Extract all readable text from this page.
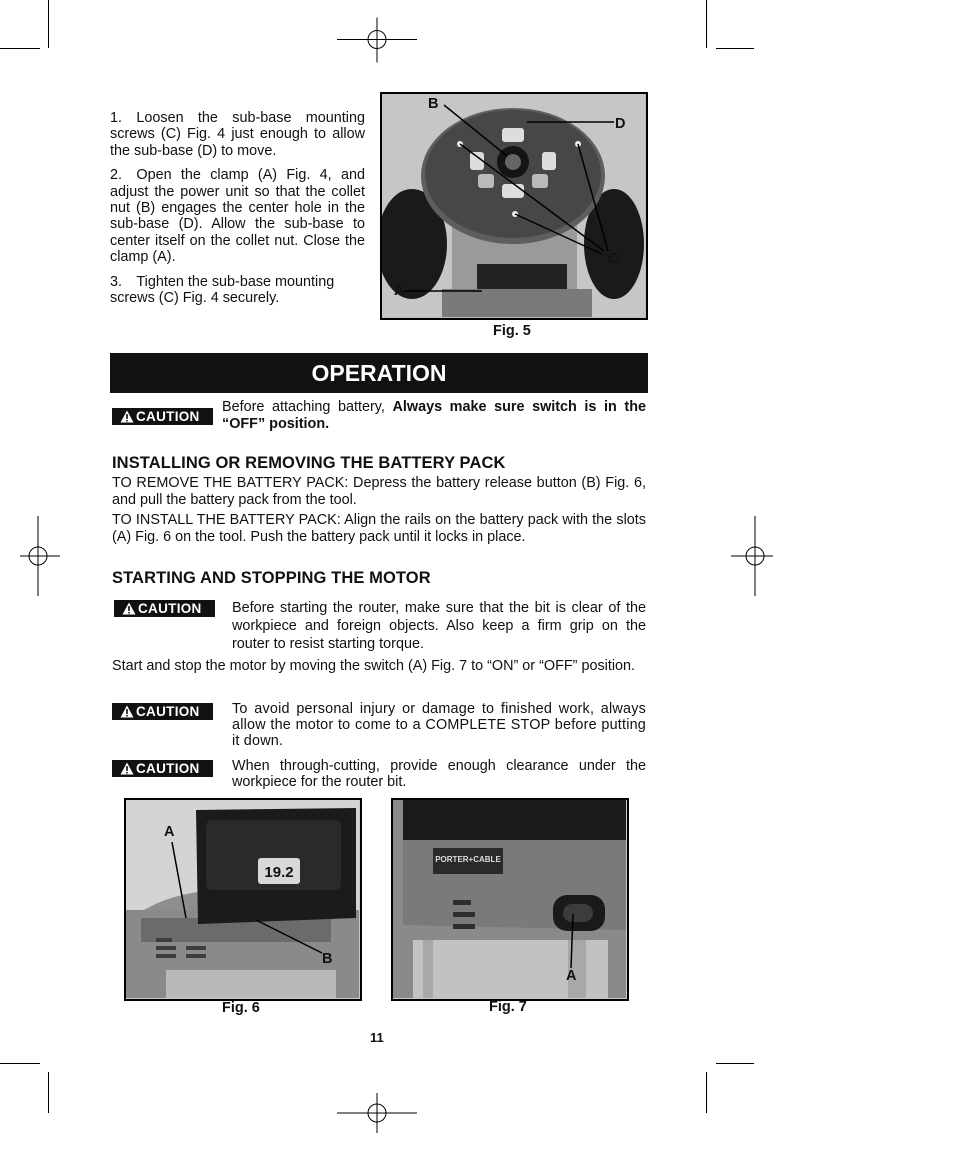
1. Loosen the sub-base mounting screws (C) Fig. 4 just enough to allow the sub-base (D) to move.

2. Open the clamp (A) Fig. 4, and adjust the power unit so that the collet nut (B) engages the center hole in the sub-base (D). Allow the sub-base to center itself on the collet nut. Close the clamp (A).

3. Tighten the sub-base mounting screws (C) Fig. 4 securely.

B
D
C
A
Fig. 5
OPERATION
CAUTION
Before attaching battery, Always make sure switch is in the “OFF” position.
INSTALLING OR REMOVING THE BATTERY PACK
TO REMOVE THE BATTERY PACK: Depress the battery release button (B) Fig. 6, and pull the battery pack from the tool.
TO INSTALL THE BATTERY PACK: Align the rails on the battery pack with the slots (A) Fig. 6 on the tool. Push the battery pack until it locks in place.
STARTING AND STOPPING THE MOTOR
CAUTION	Before starting the router, make sure that the bit is clear of the workpiece and foreign objects. Also keep a firm grip on the router to resist starting torque.
Start and stop the motor by moving the switch (A) Fig. 7 to “ON” or “OFF” position.
CAUTION	To avoid personal injury or damage to finished work, always allow the motor to come to a COMPLETE STOP before putting it down.
CAUTION	When through-cutting, provide enough clearance under the workpiece for the router bit.
19.2
A
B
Fig. 6
PORTER+CABLE
A
Fig. 7
11
